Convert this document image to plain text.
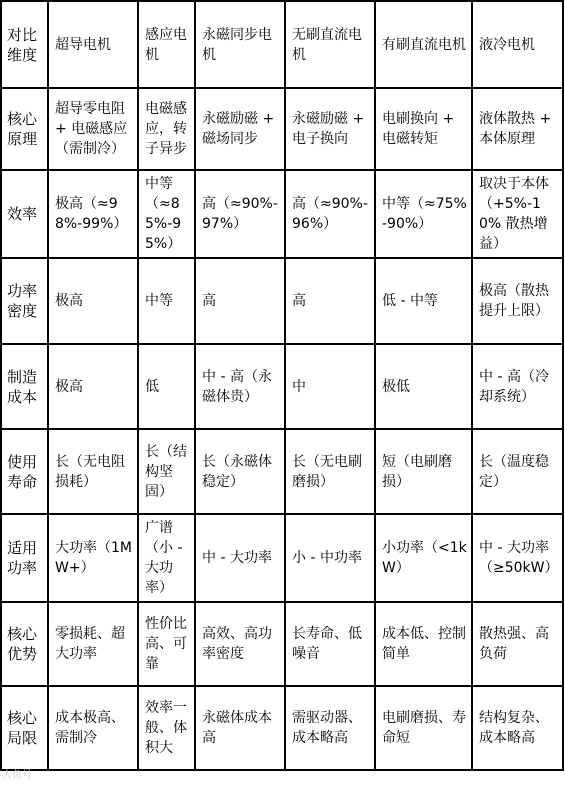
对比维度	超导电机	感应电机	永磁同步电机	无刷直流电机	有刷直流电机	液冷电机
核心原理	超导零电阻 + 电磁感应（需制冷）	电磁感应，转子异步	永磁励磁 + 磁场同步	永磁励磁 + 电子换向	电刷换向 + 电磁转矩	液体散热 + 本体原理
效率	极高（≈98%-99%）	中等（≈85%-95%）	高（≈90%-97%）	高（≈90%-96%）	中等（≈75%-90%）	取决于本体（+5%-10% 散热增益）
功率密度	极高	中等	高	高	低 - 中等	极高（散热提升上限）
制造成本	极高	低	中 - 高（永磁体贵）	中	极低	中 - 高（冷却系统）
使用寿命	长（无电阻损耗）	长（结构坚固）	长（永磁体稳定）	长（无电刷磨损）	短（电刷磨损）	长（温度稳定）
适用功率	大功率（1MW+）	广谱（小 - 大功率）	中 - 大功率	小 - 中功率	小功率（<1kW）	中 - 大功率（≥50kW）
核心优势	零损耗、超大功率	性价比高、可靠	高效、高功率密度	长寿命、低噪音	成本低、控制简单	散热强、高负荷
核心局限	成本极高、需制冷	效率一般、体积大	永磁体成本高	需驱动器、成本略高	电刷磨损、寿命短	结构复杂、成本略高
大鱼号
